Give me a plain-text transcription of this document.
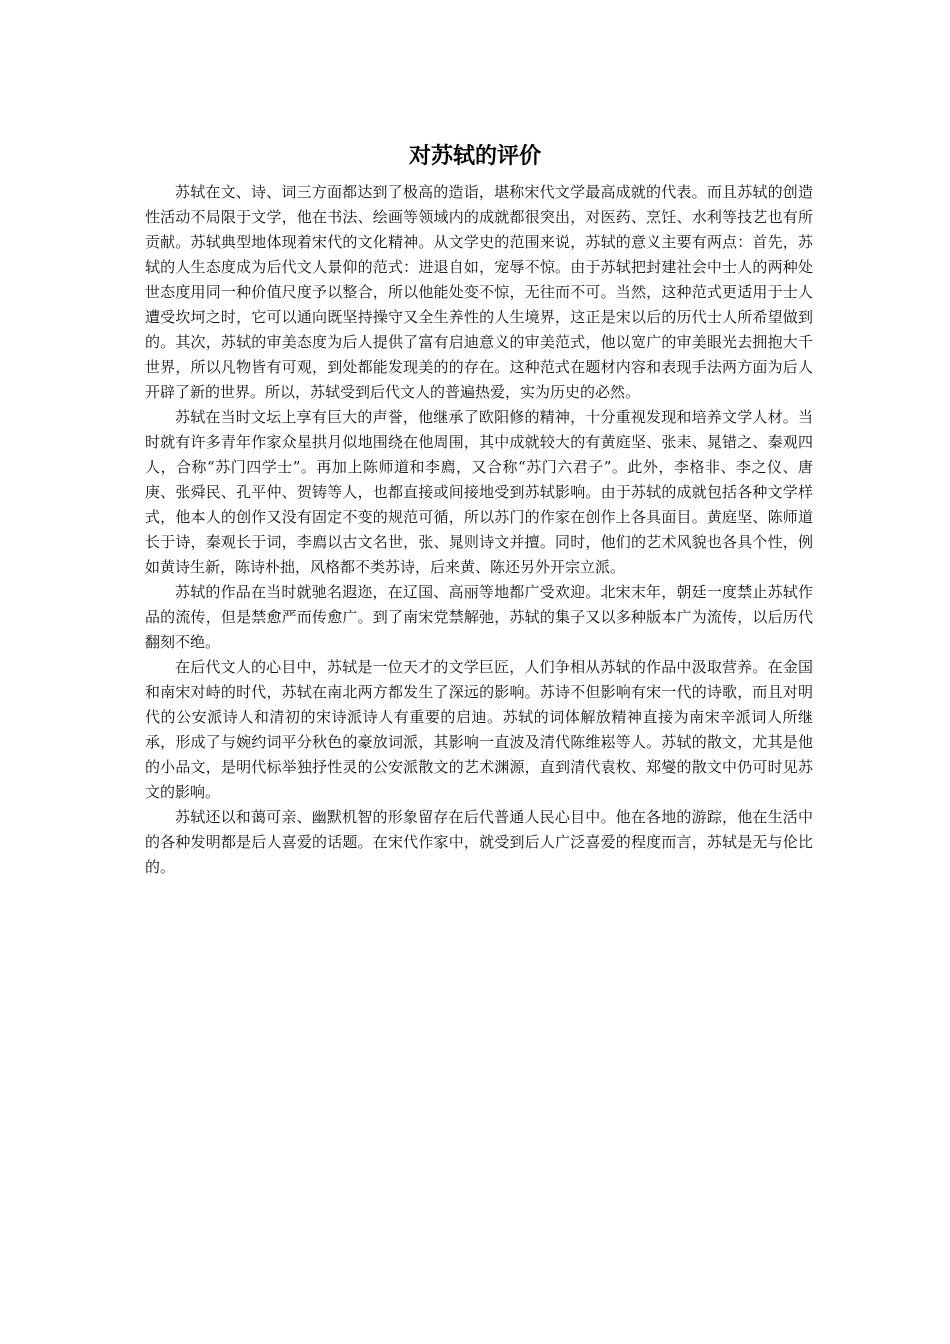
对苏轼的评价

苏轼在文、诗、词三方面都达到了极高的造诣，堪称宋代文学最高成就的代表。而且苏轼的创造性活动不局限于文学，他在书法、绘画等领域内的成就都很突出，对医药、烹饪、水利等技艺也有所贡献。苏轼典型地体现着宋代的文化精神。从文学史的范围来说，苏轼的意义主要有两点：首先，苏轼的人生态度成为后代文人景仰的范式：进退自如，宠辱不惊。由于苏轼把封建社会中士人的两种处世态度用同一种价值尺度予以整合，所以他能处变不惊，无往而不可。当然，这种范式更适用于士人遭受坎坷之时，它可以通向既坚持操守又全生养性的人生境界，这正是宋以后的历代士人所希望做到的。其次，苏轼的审美态度为后人提供了富有启迪意义的审美范式，他以宽广的审美眼光去拥抱大千世界，所以凡物皆有可观，到处都能发现美的的存在。这种范式在题材内容和表现手法两方面为后人开辟了新的世界。所以，苏轼受到后代文人的普遍热爱，实为历史的必然。

苏轼在当时文坛上享有巨大的声誉，他继承了欧阳修的精神，十分重视发现和培养文学人材。当时就有许多青年作家众星拱月似地围绕在他周围，其中成就较大的有黄庭坚、张耒、晁错之、秦观四人，合称“苏门四学士”。再加上陈师道和李廌，又合称“苏门六君子”。此外，李格非、李之仪、唐庚、张舜民、孔平仲、贺铸等人，也都直接或间接地受到苏轼影响。由于苏轼的成就包括各种文学样式，他本人的创作又没有固定不变的规范可循，所以苏门的作家在创作上各具面目。黄庭坚、陈师道长于诗，秦观长于词，李廌以古文名世，张、晁则诗文并擅。同时，他们的艺术风貌也各具个性，例如黄诗生新，陈诗朴拙，风格都不类苏诗，后来黄、陈还另外开宗立派。

苏轼的作品在当时就驰名遐迩，在辽国、高丽等地都广受欢迎。北宋末年，朝廷一度禁止苏轼作品的流传，但是禁愈严而传愈广。到了南宋党禁解弛，苏轼的集子又以多种版本广为流传，以后历代翻刻不绝。

在后代文人的心目中，苏轼是一位天才的文学巨匠，人们争相从苏轼的作品中汲取营养。在金国和南宋对峙的时代，苏轼在南北两方都发生了深远的影响。苏诗不但影响有宋一代的诗歌，而且对明代的公安派诗人和清初的宋诗派诗人有重要的启迪。苏轼的词体解放精神直接为南宋辛派词人所继承，形成了与婉约词平分秋色的豪放词派，其影响一直波及清代陈维崧等人。苏轼的散文，尤其是他的小品文，是明代标举独抒性灵的公安派散文的艺术渊源，直到清代袁枚、郑燮的散文中仍可时见苏文的影响。

苏轼还以和蔼可亲、幽默机智的形象留存在后代普通人民心目中。他在各地的游踪，他在生活中的各种发明都是后人喜爱的话题。在宋代作家中，就受到后人广泛喜爱的程度而言，苏轼是无与伦比的。
